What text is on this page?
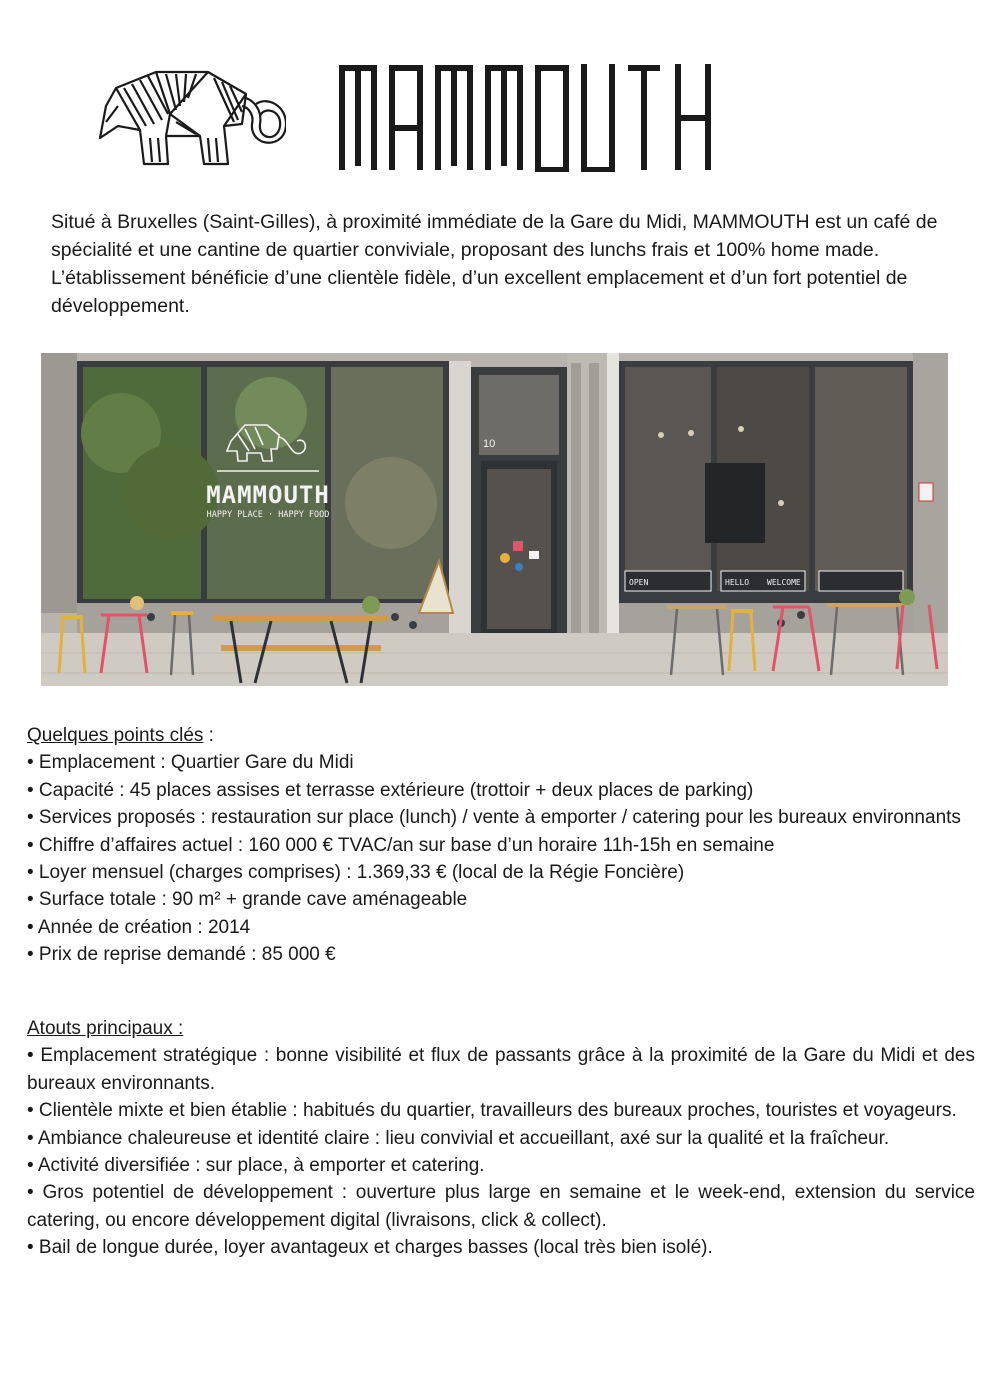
MAMMOUTH

Situé à Bruxelles (Saint-Gilles), à proximité immédiate de la Gare du Midi, MAMMOUTH est un café de spécialité et une cantine de quartier conviviale, proposant des lunchs frais et 100% home made. L’établissement bénéficie d’une clientèle fidèle, d’un excellent emplacement et d’un fort potentiel de développement.

MAMMOUTH
HAPPY PLACE · HAPPY FOOD
10
OPEN	HELLO WELCOME

Quelques points clés :

• Emplacement : Quartier Gare du Midi
• Capacité : 45 places assises et terrasse extérieure (trottoir + deux places de parking)
• Services proposés : restauration sur place (lunch) / vente à emporter / catering pour les bureaux environnants
• Chiffre d’affaires actuel : 160 000 € TVAC/an sur base d’un horaire 11h-15h en semaine
• Loyer mensuel (charges comprises) : 1.369,33 € (local de la Régie Foncière)
• Surface totale : 90 m² + grande cave aménageable
• Année de création : 2014
• Prix de reprise demandé : 85 000 €

Atouts principaux :

• Emplacement stratégique : bonne visibilité et flux de passants grâce à la proximité de la Gare du Midi et des bureaux environnants.
• Clientèle mixte et bien établie : habitués du quartier, travailleurs des bureaux proches, touristes et voyageurs.
• Ambiance chaleureuse et identité claire : lieu convivial et accueillant, axé sur la qualité et la fraîcheur.
• Activité diversifiée : sur place, à emporter et catering.
• Gros potentiel de développement : ouverture plus large en semaine et le week-end, extension du service catering, ou encore développement digital (livraisons, click & collect).
• Bail de longue durée, loyer avantageux et charges basses (local très bien isolé).
